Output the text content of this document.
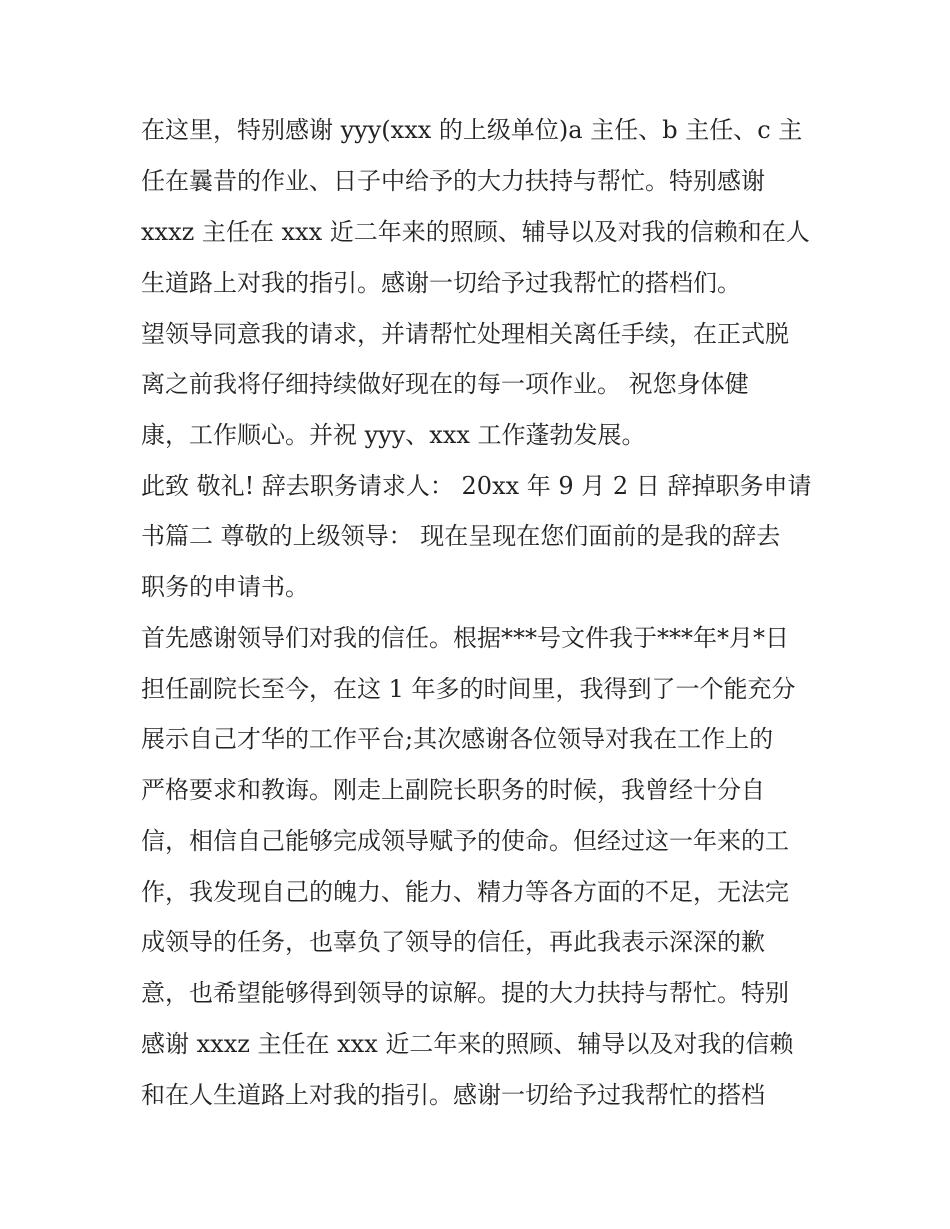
在这里，特别感谢 yyy(xxx 的上级单位)a 主任、b 主任、c 主
任在曩昔的作业、日子中给予的大力扶持与帮忙。特别感谢
xxxz 主任在 xxx 近二年来的照顾、辅导以及对我的信赖和在人
生道路上对我的指引。感谢一切给予过我帮忙的搭档们。
望领导同意我的请求，并请帮忙处理相关离任手续，在正式脱
离之前我将仔细持续做好现在的每一项作业。 祝您身体健
康，工作顺心。并祝 yyy、xxx 工作蓬勃发展。
此致 敬礼! 辞去职务请求人： 20xx 年 9 月 2 日 辞掉职务申请
书篇二 尊敬的上级领导： 现在呈现在您们面前的是我的辞去
职务的申请书。
首先感谢领导们对我的信任。根据***号文件我于***年*月*日
担任副院长至今，在这 1 年多的时间里，我得到了一个能充分
展示自己才华的工作平台;其次感谢各位领导对我在工作上的
严格要求和教诲。刚走上副院长职务的时候，我曾经十分自
信，相信自己能够完成领导赋予的使命。但经过这一年来的工
作，我发现自己的魄力、能力、精力等各方面的不足，无法完
成领导的任务，也辜负了领导的信任，再此我表示深深的歉
意，也希望能够得到领导的谅解。提的大力扶持与帮忙。特别
感谢 xxxz 主任在 xxx 近二年来的照顾、辅导以及对我的信赖
和在人生道路上对我的指引。感谢一切给予过我帮忙的搭档
